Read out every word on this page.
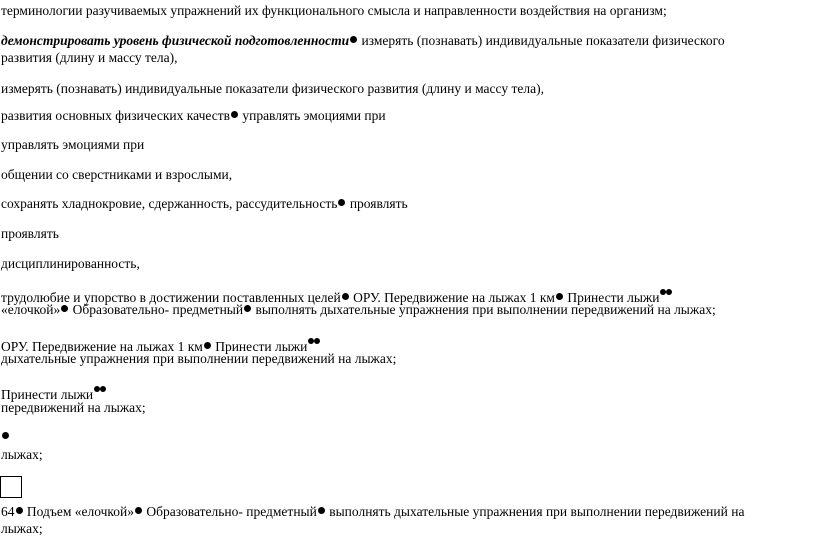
терминологии разучиваемых упражнений их функционального смысла и направленности воздействия на организм;
демонстрировать уровень физической подготовленности измерять (познавать) индивидуальные показатели физического
развития (длину и массу тела),
измерять (познавать) индивидуальные показатели физического развития (длину и массу тела),
развития основных физических качеств управлять эмоциями при
управлять эмоциями при
общении со сверстниками и взрослыми,
сохранять хладнокровие, сдержанность, рассудительность проявлять
проявлять
дисциплинированность,
трудолюбие и упорство в достижении поставленных целей ОРУ. Передвижение на лыжах 1 км Принести лыжи
«елочкой» Образовательно- предметный выполнять дыхательные упражнения при выполнении передвижений на лыжах;
ОРУ. Передвижение на лыжах 1 км Принести лыжи
дыхательные упражнения при выполнении передвижений на лыжах;
Принести лыжи
передвижений на лыжах;
лыжах;
64 Подъем «елочкой» Образовательно- предметный выполнять дыхательные упражнения при выполнении передвижений на
лыжах;
